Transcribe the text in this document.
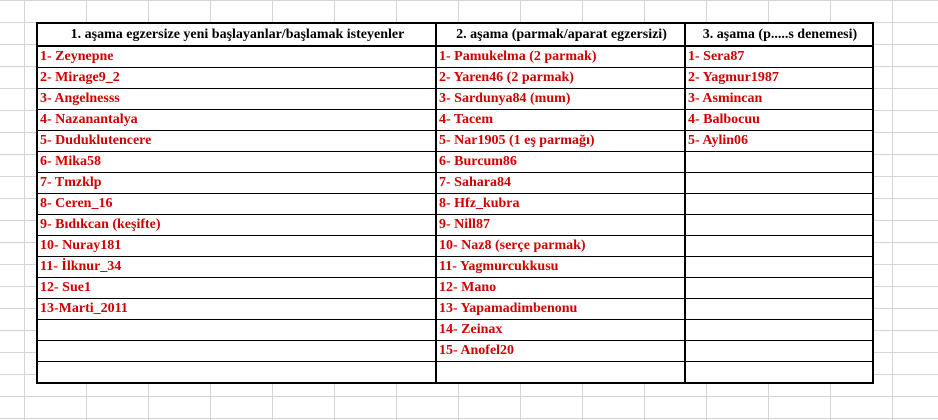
1. aşama egzersize yeni başlayanlar/başlamak isteyenler	2. aşama (parmak/aparat egzersizi)	3. aşama (p.....s denemesi)
1- Zeynepne	1- Pamukelma (2 parmak)	1- Sera87
2- Mirage9_2	2- Yaren46 (2 parmak)	2- Yagmur1987
3- Angelnesss	3- Sardunya84 (mum)	3- Asmincan
4- Nazanantalya	4- Tacem	4- Balbocuu
5- Duduklutencere	5- Nar1905 (1 eş parmağı)	5- Aylin06
6- Mika58	6- Burcum86	
7- Tmzklp	7- Sahara84	
8- Ceren_16	8- Hfz_kubra	
9- Bıdıkcan (keşifte)	9- Nill87	
10- Nuray181	10- Naz8 (serçe parmak)	
11- İlknur_34	11- Yagmurcukkusu	
12- Sue1	12- Mano	
13-Marti_2011	13- Yapamadimbenonu	
	14- Zeinax	
	15- Anofel20	
